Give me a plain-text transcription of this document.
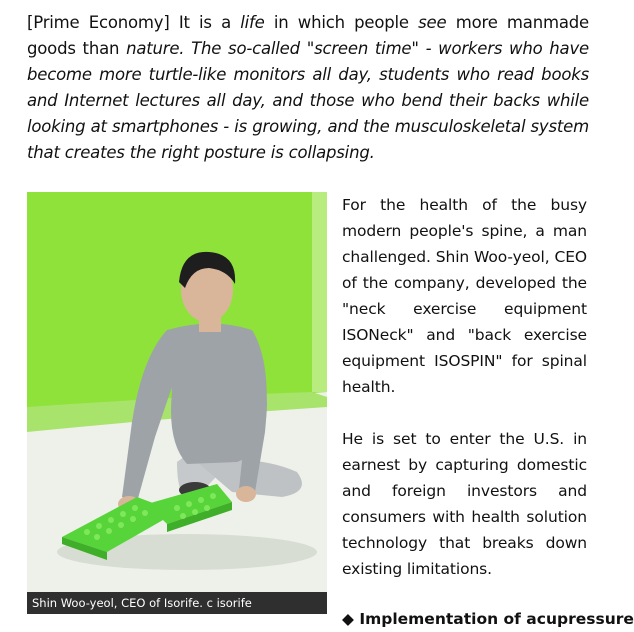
[Prime Economy] It is a life in which people see more manmade goods than nature. The so-called "screen time" - workers who have become more turtle-like monitors all day, students who read books and Internet lectures all day, and those who bend their backs while looking at smartphones - is growing, and the musculoskeletal system that creates the right posture is collapsing.
Shin Woo-yeol, CEO of Isorife. c isorife

For the health of the busy modern people's spine, a man challenged. Shin Woo-yeol, CEO of the company, developed the "neck exercise equipment ISONeck" and "back exercise equipment ISOSPIN" for spinal health.

He is set to enter the U.S. in earnest by capturing domestic and foreign investors and consumers with health solution technology that breaks down existing limitations.

◆ Implementation of acupressure
